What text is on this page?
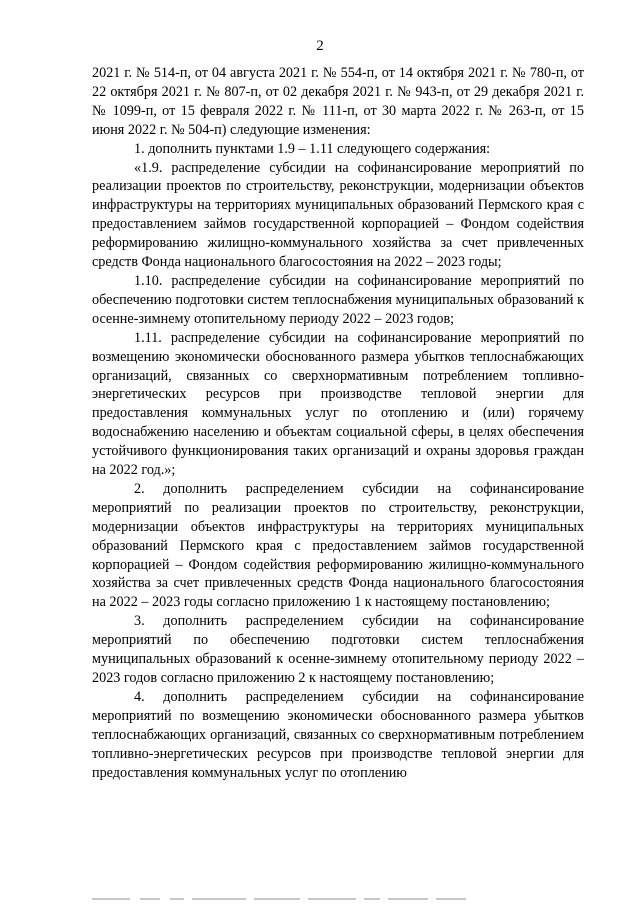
2

2021 г. № 514-п, от 04 августа 2021 г. № 554-п, от 14 октября 2021 г. № 780-п, от 22 октября 2021 г. № 807-п, от 02 декабря 2021 г. № 943-п, от 29 декабря 2021 г. № 1099-п, от 15 февраля 2022 г. № 111-п, от 30 марта 2022 г. № 263-п, от 15 июня 2022 г. № 504-п) следующие изменения:

1. дополнить пунктами 1.9 – 1.11 следующего содержания:

«1.9. распределение субсидии на софинансирование мероприятий по реализации проектов по строительству, реконструкции, модернизации объектов инфраструктуры на территориях муниципальных образований Пермского края с предоставлением займов государственной корпорацией – Фондом содействия реформированию жилищно-коммунального хозяйства за счет привлеченных средств Фонда национального благосостояния на 2022 – 2023 годы;

1.10. распределение субсидии на софинансирование мероприятий по обеспечению подготовки систем теплоснабжения муниципальных образований к осенне-зимнему отопительному периоду 2022 – 2023 годов;

1.11. распределение субсидии на софинансирование мероприятий по возмещению экономически обоснованного размера убытков теплоснабжающих организаций, связанных со сверхнормативным потреблением топливно-энергетических ресурсов при производстве тепловой энергии для предоставления коммунальных услуг по отоплению и (или) горячему водоснабжению населению и объектам социальной сферы, в целях обеспечения устойчивого функционирования таких организаций и охраны здоровья граждан на 2022 год.»;

2. дополнить распределением субсидии на софинансирование мероприятий по реализации проектов по строительству, реконструкции, модернизации объектов инфраструктуры на территориях муниципальных образований Пермского края с предоставлением займов государственной корпорацией – Фондом содействия реформированию жилищно-коммунального хозяйства за счет привлеченных средств Фонда национального благосостояния на 2022 – 2023 годы согласно приложению 1 к настоящему постановлению;

3. дополнить распределением субсидии на софинансирование мероприятий по обеспечению подготовки систем теплоснабжения муниципальных образований к осенне-зимнему отопительному периоду 2022 – 2023 годов согласно приложению 2 к настоящему постановлению;

4. дополнить распределением субсидии на софинансирование мероприятий по возмещению экономически обоснованного размера убытков теплоснабжающих организаций, связанных со сверхнормативным потреблением топливно-энергетических ресурсов при производстве тепловой энергии для предоставления коммунальных услуг по отоплению
